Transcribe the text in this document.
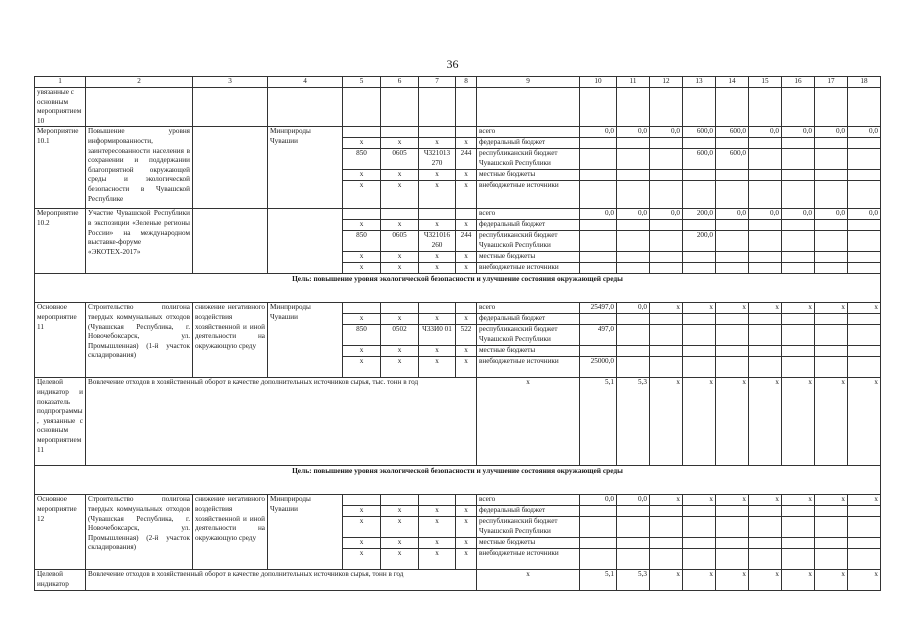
36
1	2	3	4	5	6	7	8	9	10	11	12	13	14	15	16	17	18
увязанные с основным мероприятием 10																	
Мероприятие 10.1	Повышение уровня информированности, заинтересованности населения в сохранении и поддержании благоприятной окружающей среды и экологической безопасности в Чувашской Республике		Минприроды Чувашии					всего	0,0	0,0	0,0	600,0	600,0	0,0	0,0	0,0	0,0
				x	x	x	x	федеральный бюджет									
				850	0605	Ч321013 270	244	республиканский бюджет Чувашской Республики				600,0	600,0				
				x	x	x	x	местные бюджеты									
				x	x	x	x	внебюджетные источники									
Мероприятие 10.2	Участие Чувашской Республики в экспозиции «Зеленые регионы России» на международном выставке-форуме «ЭКОТЕХ-2017»							всего	0,0	0,0	0,0	200,0	0,0	0,0	0,0	0,0	0,0
				x	x	x	x	федеральный бюджет									
				850	0605	Ч321016 260	244	республиканский бюджет Чувашской Республики				200,0					
				x	x	x	x	местные бюджеты									
				x	x	x	x	внебюджетные источники									
Цель: повышение уровня экологической безопасности и улучшение состояния окружающей среды																	
Основное мероприятие 11	Строительство полигона твердых коммунальных отходов (Чувашская Республика, г. Новочебоксарск, ул. Промышленная) (1-й участок складирования)	снижение негативного воздействия хозяйственной и иной деятельности на окружающую среду	Минприроды Чувашии					всего	25497,0	0,0	x	x	x	x	x	x	x
				x	x	x	x	федеральный бюджет									
				850	0502	Ч33И0 01	522	республиканский бюджет Чувашской Республики	497,0								
				x	x	x	x	местные бюджеты									
				x	x	x	x	внебюджетные источники	25000,0								
Целевой индикатор и показатель подпрограммы, увязанные с основным мероприятием 11	Вовлечение отходов в хозяйственный оборот в качестве дополнительных источников сырья, тыс. тонн в год							x	5,1	5,3	x	x	x	x	x	x	x
Цель: повышение уровня экологической безопасности и улучшение состояния окружающей среды																	
Основное мероприятие 12	Строительство полигона твердых коммунальных отходов (Чувашская Республика, г. Новочебоксарск, ул. Промышленная) (2-й участок складирования)	снижение негативного воздействия хозяйственной и иной деятельности на окружающую среду	Минприроды Чувашии					всего	0,0	0,0	x	x	x	x	x	x	x
				x	x	x	x	федеральный бюджет									
				x	x	x	x	республиканский бюджет Чувашской Республики									
				x	x	x	x	местные бюджеты									
				x	x	x	x	внебюджетные источники									
Целевой индикатор	Вовлечение отходов в хозяйственный оборот в качестве дополнительных источников сырья, тонн в год							x	5,1	5,3	x	x	x	x	x	x	x
